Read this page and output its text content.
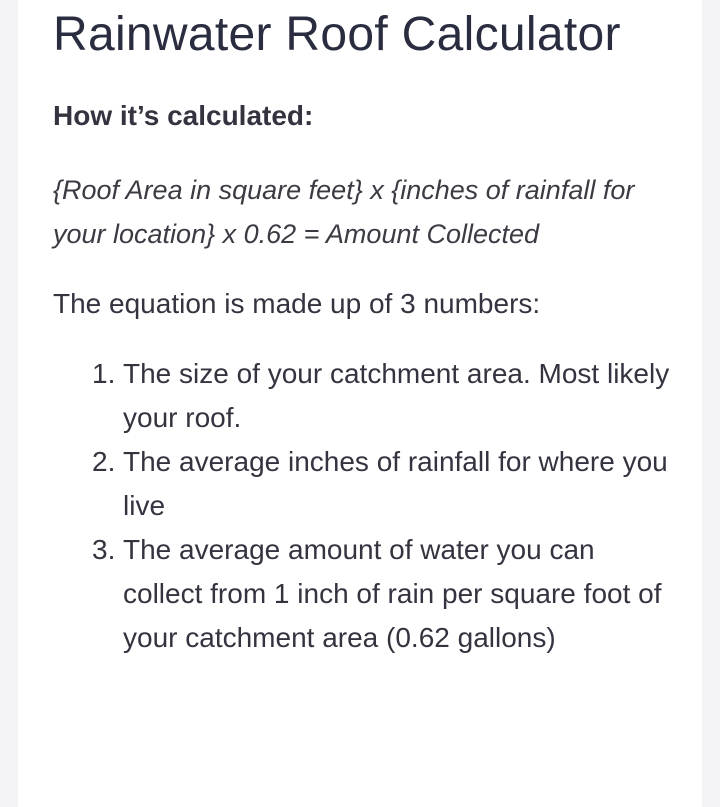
Rainwater Roof Calculator
How it’s calculated:

{Roof Area in square feet} x {inches of rainfall for your location} x 0.62 = Amount Collected

The equation is made up of 3 numbers:

1. The size of your catchment area. Most likely your roof.
2. The average inches of rainfall for where you live
3. The average amount of water you can collect from 1 inch of rain per square foot of your catchment area (0.62 gallons)
